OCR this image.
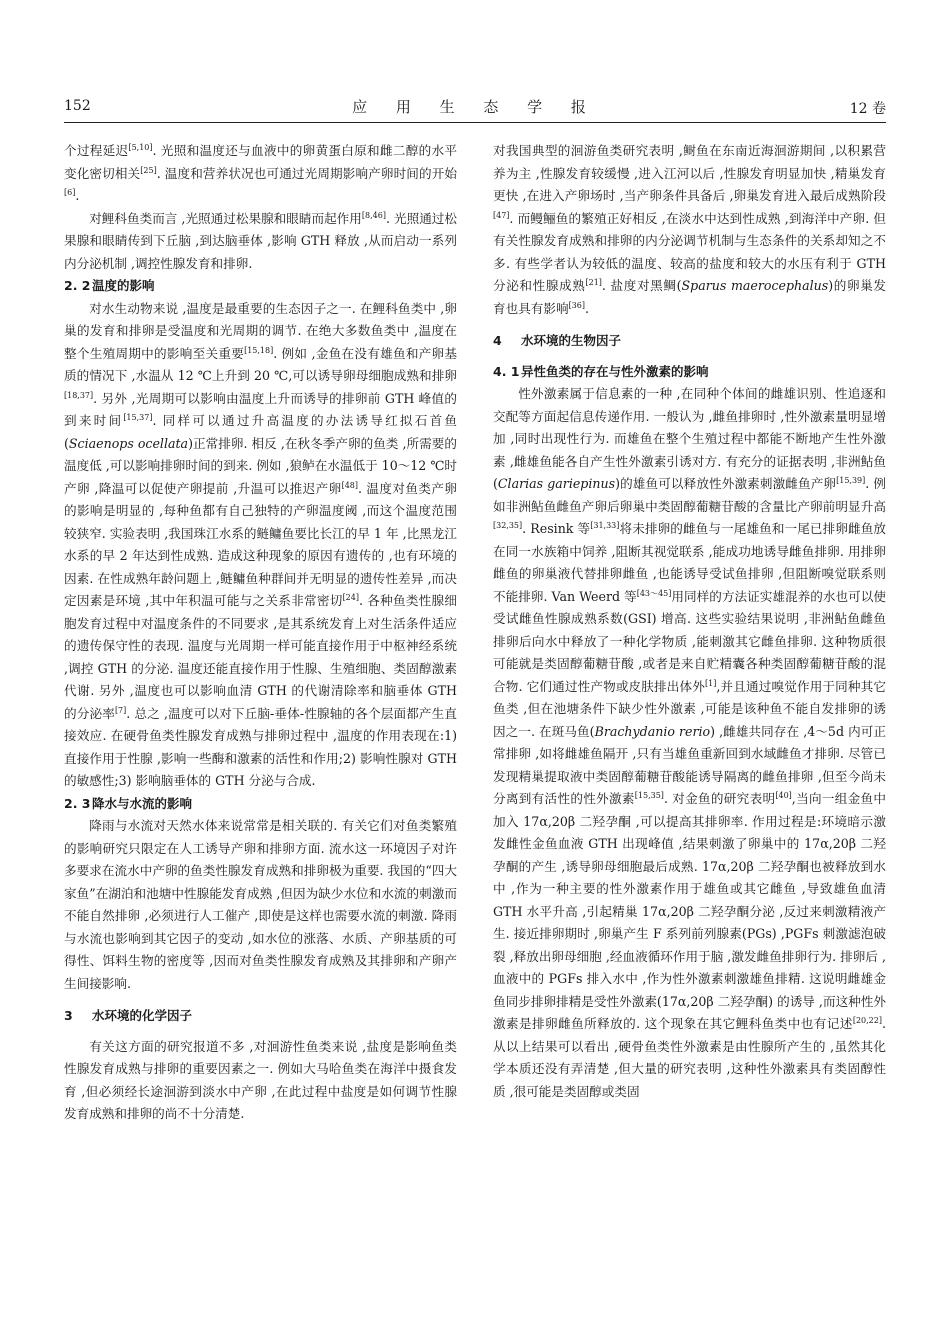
152	应 用 生 态 学 报	12 卷

个过程延迟[5,10]. 光照和温度还与血液中的卵黄蛋白原和雌二醇的水平变化密切相关[25]. 温度和营养状况也可通过光周期影响产卵时间的开始[6].

对鲤科鱼类而言 ,光照通过松果腺和眼睛而起作用[8,46]. 光照通过松果腺和眼睛传到下丘脑 ,到达脑垂体 ,影响 GTH 释放 ,从而启动一系列内分泌机制 ,调控性腺发育和排卵.

2. 2 温度的影响

对水生动物来说 ,温度是最重要的生态因子之一. 在鲤科鱼类中 ,卵巢的发育和排卵是受温度和光周期的调节. 在绝大多数鱼类中 ,温度在整个生殖周期中的影响至关重要[15,18]. 例如 ,金鱼在没有雄鱼和产卵基质的情况下 ,水温从 12 ℃上升到 20 ℃,可以诱导卵母细胞成熟和排卵[18,37]. 另外 ,光周期可以影响由温度上升而诱导的排卵前 GTH 峰值的到来时间[15,37]. 同样可以通过升高温度的办法诱导红拟石首鱼(Sciaenops ocellata)正常排卵. 相反 ,在秋冬季产卵的鱼类 ,所需要的温度低 ,可以影响排卵时间的到来. 例如 ,狼鲈在水温低于 10～12 ℃时产卵 ,降温可以促使产卵提前 ,升温可以推迟产卵[48]. 温度对鱼类产卵的影响是明显的 ,每种鱼都有自己独特的产卵温度阈 ,而这个温度范围较狭窄. 实验表明 ,我国珠江水系的鲢鳙鱼要比长江的早 1 年 ,比黑龙江水系的早 2 年达到性成熟. 造成这种现象的原因有遗传的 ,也有环境的因素. 在性成熟年龄问题上 ,鲢鳙鱼种群间并无明显的遗传性差异 ,而决定因素是环境 ,其中年积温可能与之关系非常密切[24]. 各种鱼类性腺细胞发育过程中对温度条件的不同要求 ,是其系统发育上对生活条件适应的遗传保守性的表现. 温度与光周期一样可能直接作用于中枢神经系统 ,调控 GTH 的分泌. 温度还能直接作用于性腺、生殖细胞、类固醇激素代谢. 另外 ,温度也可以影响血清 GTH 的代谢清除率和脑垂体 GTH 的分泌率[7]. 总之 ,温度可以对下丘脑-垂体-性腺轴的各个层面都产生直接效应. 在硬骨鱼类性腺发育成熟与排卵过程中 ,温度的作用表现在:1) 直接作用于性腺 ,影响一些酶和激素的活性和作用;2) 影响性腺对 GTH 的敏感性;3) 影响脑垂体的 GTH 分泌与合成.

2. 3 降水与水流的影响

降雨与水流对天然水体来说常常是相关联的. 有关它们对鱼类繁殖的影响研究只限定在人工诱导产卵和排卵方面. 流水这一环境因子对许多要求在流水中产卵的鱼类性腺发育成熟和排卵极为重要. 我国的“四大家鱼”在湖泊和池塘中性腺能发育成熟 ,但因为缺少水位和水流的刺激而不能自然排卵 ,必须进行人工催产 ,即使是这样也需要水流的刺激. 降雨与水流也影响到其它因子的变动 ,如水位的涨落、水质、产卵基质的可得性、饵料生物的密度等 ,因而对鱼类性腺发育成熟及其排卵和产卵产生间接影响.

3 水环境的化学因子

有关这方面的研究报道不多 ,对洄游性鱼类来说 ,盐度是影响鱼类性腺发育成熟与排卵的重要因素之一. 例如大马哈鱼类在海洋中摄食发育 ,但必须经长途洄游到淡水中产卵 ,在此过程中盐度是如何调节性腺发育成熟和排卵的尚不十分清楚.

对我国典型的洄游鱼类研究表明 ,鲥鱼在东南近海洄游期间 ,以积累营养为主 ,性腺发育较缓慢 ,进入江河以后 ,性腺发育明显加快 ,精巢发育更快 ,在进入产卵场时 ,当产卵条件具备后 ,卵巢发育进入最后成熟阶段[47]. 而鳗鲡鱼的繁殖正好相反 ,在淡水中达到性成熟 ,到海洋中产卵. 但有关性腺发育成熟和排卵的内分泌调节机制与生态条件的关系却知之不多. 有些学者认为较低的温度、较高的盐度和较大的水压有利于 GTH 分泌和性腺成熟[21]. 盐度对黑鲷(Sparus maerocephalus)的卵巢发育也具有影响[36].

4 水环境的生物因子

4. 1 异性鱼类的存在与性外激素的影响

性外激素属于信息素的一种 ,在同种个体间的雌雄识别、性追逐和交配等方面起信息传递作用. 一般认为 ,雌鱼排卵时 ,性外激素量明显增加 ,同时出现性行为. 而雄鱼在整个生殖过程中都能不断地产生性外激素 ,雌雄鱼能各自产生性外激素引诱对方. 有充分的证据表明 ,非洲鲇鱼(Clarias gariepinus)的雄鱼可以释放性外激素刺激雌鱼产卵[15,39]. 例如非洲鲇鱼雌鱼产卵后卵巢中类固醇葡糖苷酸的含量比产卵前明显升高[32,35]. Resink 等[31,33]将未排卵的雌鱼与一尾雄鱼和一尾已排卵雌鱼放在同一水族箱中饲养 ,阻断其视觉联系 ,能成功地诱导雌鱼排卵. 用排卵雌鱼的卵巢液代替排卵雌鱼 ,也能诱导受试鱼排卵 ,但阻断嗅觉联系则不能排卵. Van Weerd 等[43～45]用同样的方法证实雄混养的水也可以使受试雌鱼性腺成熟系数(GSI) 增高. 这些实验结果说明 ,非洲鲇鱼雌鱼排卵后向水中释放了一种化学物质 ,能刺激其它雌鱼排卵. 这种物质很可能就是类固醇葡糖苷酸 ,或者是来自贮精囊各种类固醇葡糖苷酸的混合物. 它们通过性产物或皮肤排出体外[1],并且通过嗅觉作用于同种其它鱼类 ,但在池塘条件下缺少性外激素 ,可能是该种鱼不能自发排卵的诱因之一. 在斑马鱼(Brachydanio rerio) ,雌雄共同存在 ,4～5d 内可正常排卵 ,如将雌雄鱼隔开 ,只有当雄鱼重新回到水域雌鱼才排卵. 尽管已发现精巢提取液中类固醇葡糖苷酸能诱导隔离的雌鱼排卵 ,但至今尚未分离到有活性的性外激素[15,35]. 对金鱼的研究表明[40],当向一组金鱼中加入 17α,20β 二羟孕酮 ,可以提高其排卵率. 作用过程是:环境暗示激发雌性金鱼血液 GTH 出现峰值 ,结果刺激了卵巢中的 17α,20β 二羟孕酮的产生 ,诱导卵母细胞最后成熟. 17α,20β 二羟孕酮也被释放到水中 ,作为一种主要的性外激素作用于雄鱼或其它雌鱼 ,导致雄鱼血清 GTH 水平升高 ,引起精巢 17α,20β 二羟孕酮分泌 ,反过来刺激精液产生. 接近排卵期时 ,卵巢产生 F 系列前列腺素(PGs) ,PGFs 刺激滤泡破裂 ,释放出卵母细胞 ,经血液循环作用于脑 ,激发雌鱼排卵行为. 排卵后 ,血液中的 PGFs 排入水中 ,作为性外激素刺激雄鱼排精. 这说明雌雄金鱼同步排卵排精是受性外激素(17α,20β 二羟孕酮) 的诱导 ,而这种性外激素是排卵雌鱼所释放的. 这个现象在其它鲤科鱼类中也有记述[20,22]. 从以上结果可以看出 ,硬骨鱼类性外激素是由性腺所产生的 ,虽然其化学本质还没有弄清楚 ,但大量的研究表明 ,这种性外激素具有类固醇性质 ,很可能是类固醇或类固
